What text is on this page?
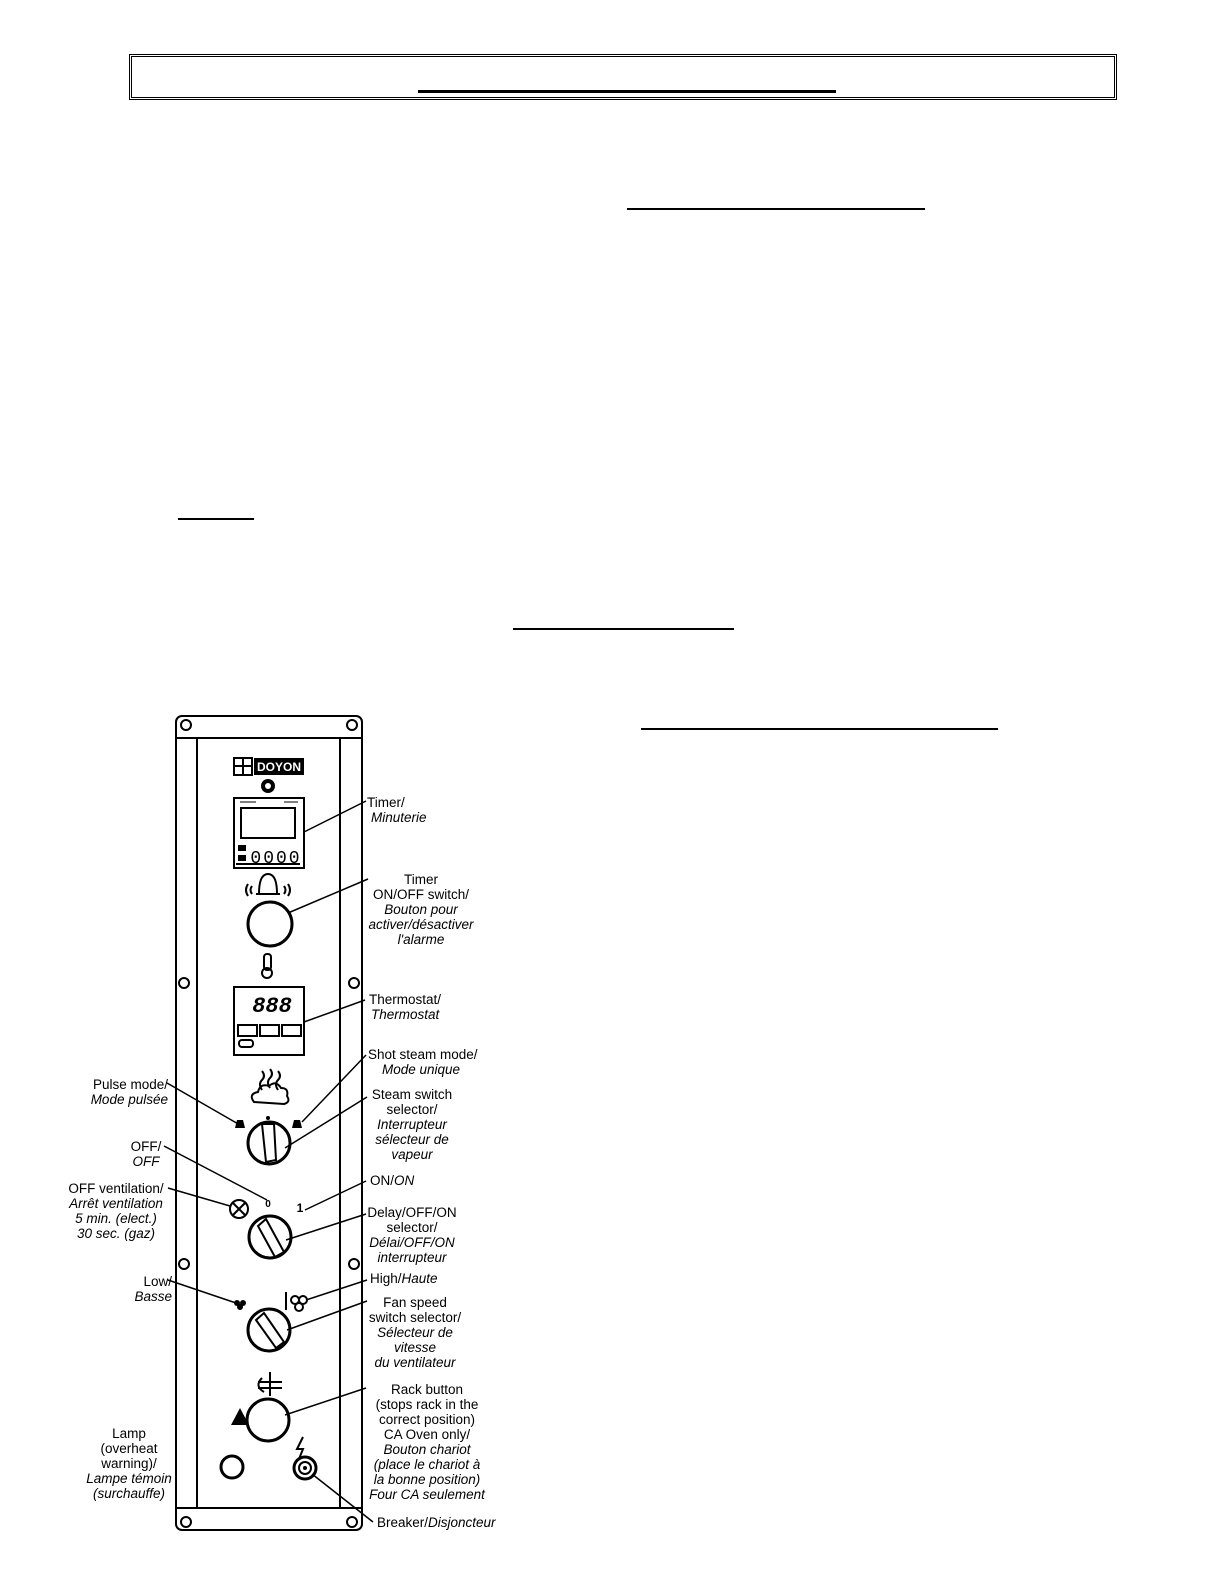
DOYON
0000
888
0 1
Timer/
Minuterie
Timer
ON/OFF switch/
Bouton pour
activer/désactiver
l'alarme
Thermostat/
Thermostat
Shot steam mode/
Mode unique
Steam switch
selector/
Interrupteur
sélecteur de
vapeur
Pulse mode/
Mode pulsée
OFF/
OFF
ON/ON
OFF ventilation/
Arrêt ventilation
5 min. (elect.)
30 sec. (gaz)
Delay/OFF/ON
selector/
Délai/OFF/ON
interrupteur
Low/
Basse
High/Haute
Fan speed
switch selector/
Sélecteur de
vitesse
du ventilateur
Rack button
(stops rack in the
correct position)
CA Oven only/
Bouton chariot
(place le chariot à
la bonne position)
Four CA seulement
Lamp
(overheat
warning)/
Lampe témoin
(surchauffe)
Breaker/Disjoncteur
